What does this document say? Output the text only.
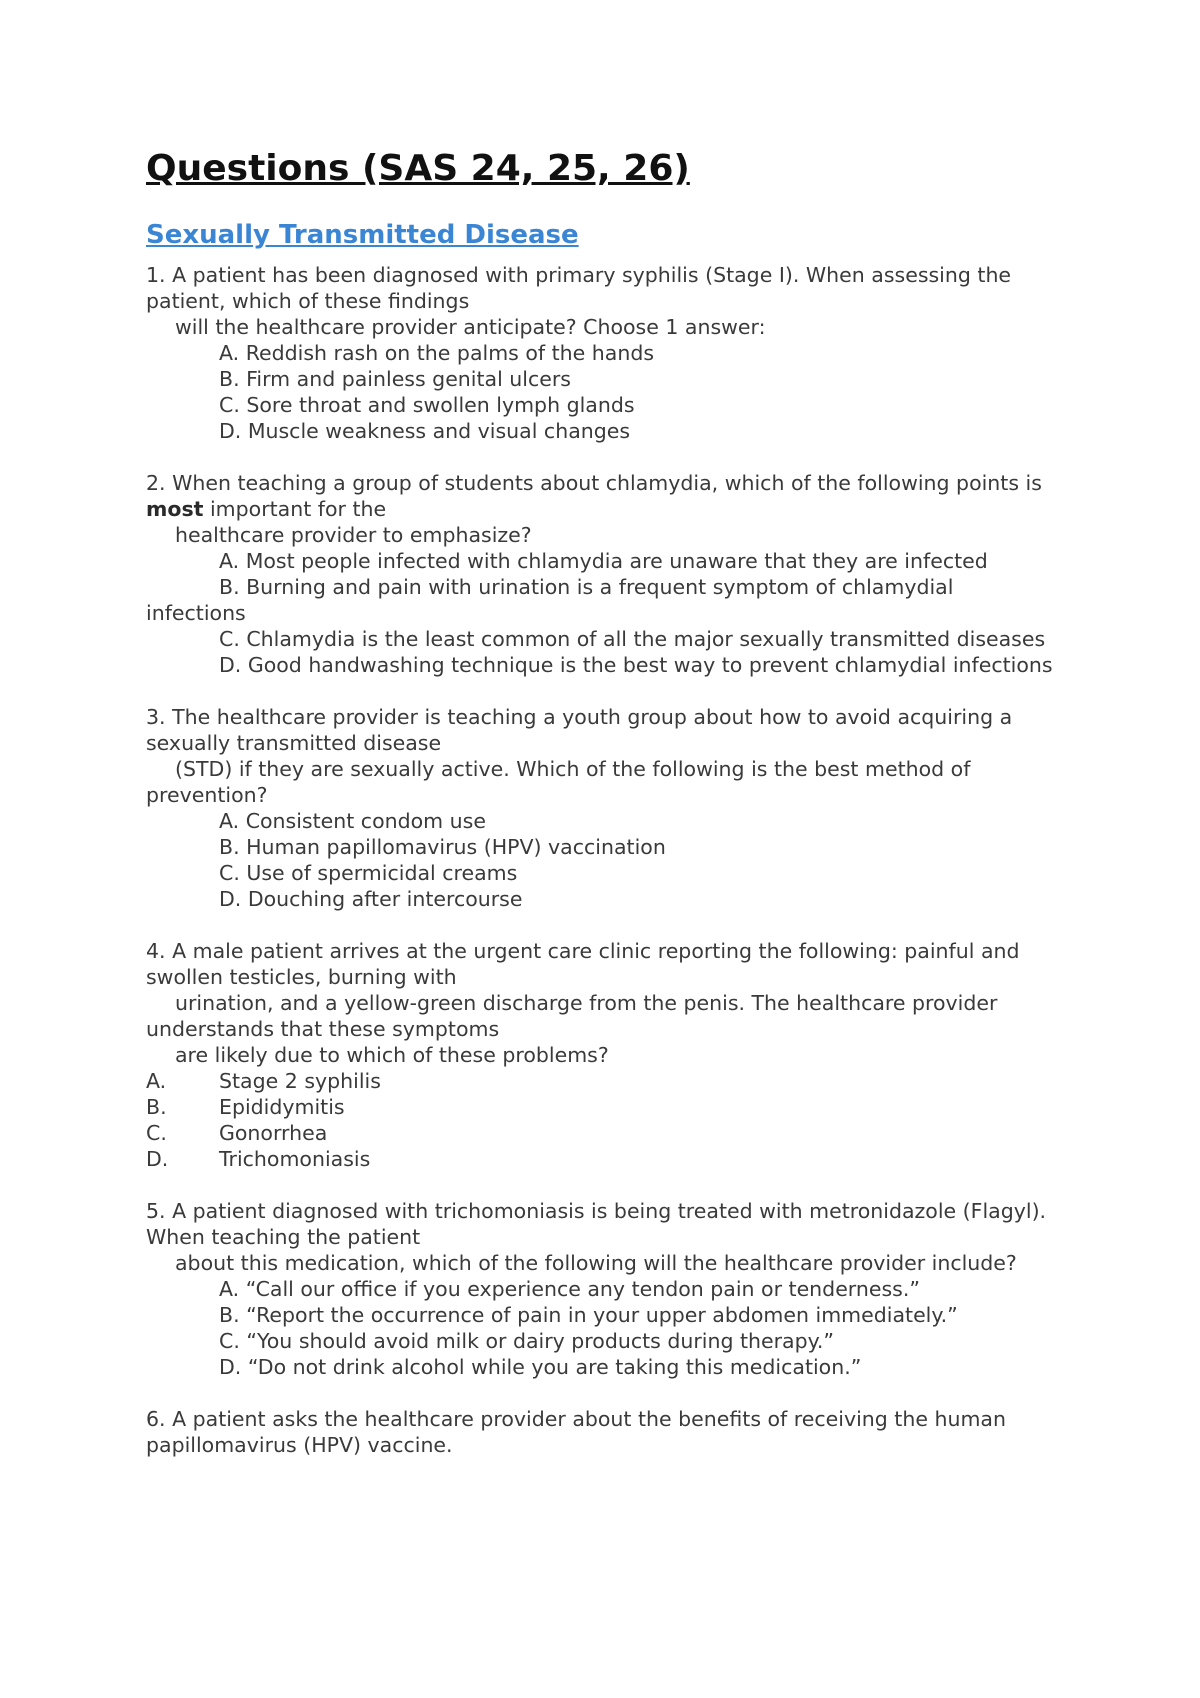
Questions (SAS 24, 25, 26)
Sexually Transmitted Disease

1. A patient has been diagnosed with primary syphilis (Stage I). When assessing the patient, which of these findings

will the healthcare provider anticipate? Choose 1 answer:

A. Reddish rash on the palms of the hands

B. Firm and painless genital ulcers

C. Sore throat and swollen lymph glands

D. Muscle weakness and visual changes

2. When teaching a group of students about chlamydia, which of the following points is most important for the

healthcare provider to emphasize?

A. Most people infected with chlamydia are unaware that they are infected

B. Burning and pain with urination is a frequent symptom of chlamydial infections

C. Chlamydia is the least common of all the major sexually transmitted diseases

D. Good handwashing technique is the best way to prevent chlamydial infections

3. The healthcare provider is teaching a youth group about how to avoid acquiring a sexually transmitted disease

(STD) if they are sexually active. Which of the following is the best method of prevention?

A. Consistent condom use

B. Human papillomavirus (HPV) vaccination

C. Use of spermicidal creams

D. Douching after intercourse

4. A male patient arrives at the urgent care clinic reporting the following: painful and swollen testicles, burning with

urination, and a yellow-green discharge from the penis. The healthcare provider understands that these symptoms

are likely due to which of these problems?

A.	Stage 2 syphilis
B.	Epididymitis
C.	Gonorrhea
D.	Trichomoniasis

5. A patient diagnosed with trichomoniasis is being treated with metronidazole (Flagyl). When teaching the patient

about this medication, which of the following will the healthcare provider include?

A. “Call our office if you experience any tendon pain or tenderness.”

B. “Report the occurrence of pain in your upper abdomen immediately.”

C. “You should avoid milk or dairy products during therapy.”

D. “Do not drink alcohol while you are taking this medication.”

6. A patient asks the healthcare provider about the benefits of receiving the human papillomavirus (HPV) vaccine.
